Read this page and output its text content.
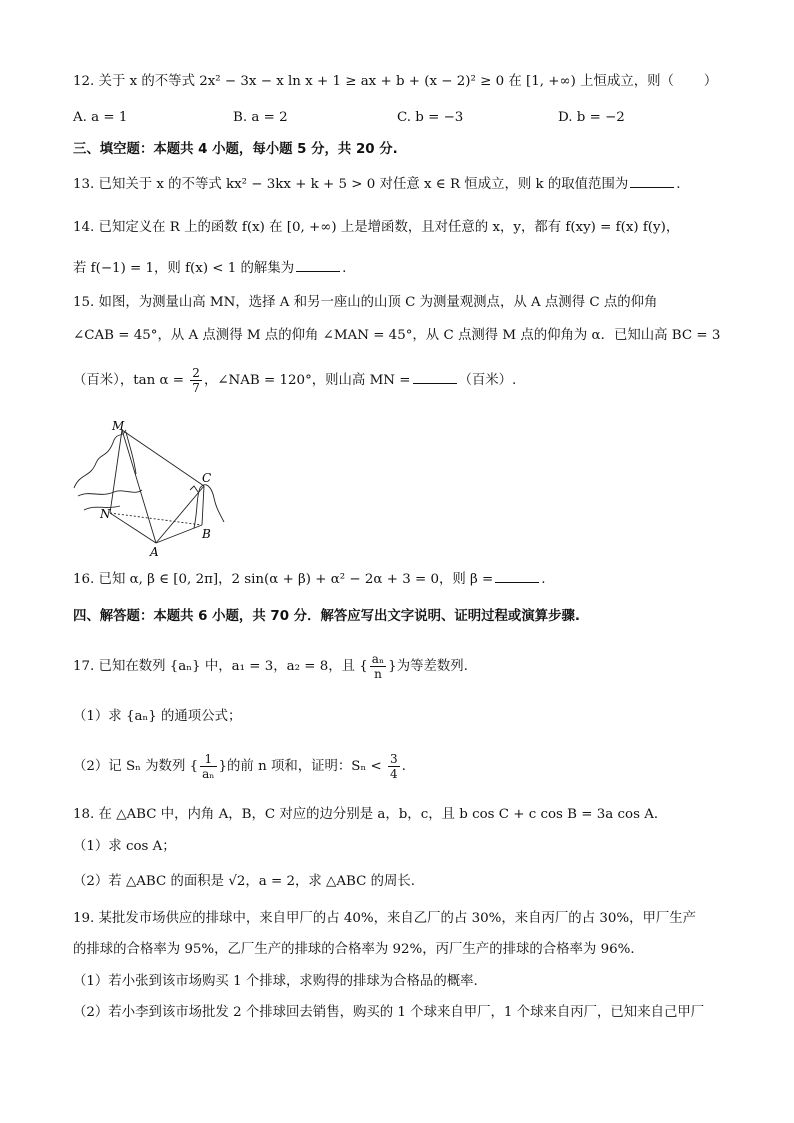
12. 关于 x 的不等式 2x² − 3x − x ln x + 1 ≥ ax + b + (x − 2)² ≥ 0 在 [1, +∞) 上恒成立，则（ ）
A. a = 1	B. a = 2	C. b = −3	D. b = −2
三、填空题：本题共 4 小题，每小题 5 分，共 20 分.
13. 已知关于 x 的不等式 kx² − 3kx + k + 5 > 0 对任意 x ∈ R 恒成立，则 k 的取值范围为	.
14. 已知定义在 R 上的函数 f(x) 在 [0, +∞) 上是增函数，且对任意的 x，y，都有 f(xy) = f(x) f(y)，
若 f(−1) = 1，则 f(x) < 1 的解集为	.
15. 如图，为测量山高 MN，选择 A 和另一座山的山顶 C 为测量观测点，从 A 点测得 C 点的仰角
∠CAB = 45°，从 A 点测得 M 点的仰角 ∠MAN = 45°，从 C 点测得 M 点的仰角为 α．已知山高 BC = 3
（百米），$\tan \alpha = \frac{2}{7}$ ，∠NAB = 120°，则山高 MN =	（百米）.
M
N
A
B
C
16. 已知 α, β ∈ [0, 2π]，2 sin(α + β) + α² − 2α + 3 = 0，则 β =	.
四、解答题：本题共 6 小题，共 70 分．解答应写出文字说明、证明过程或演算步骤.
17. 已知在数列 {aₙ} 中，a₁ = 3，a₂ = 8，且 { $\frac{\text{aₙ}}{n}$ }为等差数列.
（1）求 {aₙ} 的通项公式；
（2）记 Sₙ 为数列 { $\frac{1}{\text{aₙ}}$ }的前 n 项和，证明：$S_n < \frac{3}{4}$ .
18. 在 △ABC 中，内角 A，B，C 对应的边分别是 a，b，c，且 b cos C + c cos B = 3a cos A．
（1）求 cos A；
（2）若 △ABC 的面积是 √2，a = 2，求 △ABC 的周长.
19. 某批发市场供应的排球中，来自甲厂的占 40%，来自乙厂的占 30%，来自丙厂的占 30%，甲厂生产
的排球的合格率为 95%，乙厂生产的排球的合格率为 92%，丙厂生产的排球的合格率为 96%．
（1）若小张到该市场购买 1 个排球，求购得的排球为合格品的概率.
（2）若小李到该市场批发 2 个排球回去销售，购买的 1 个球来自甲厂，1 个球来自丙厂，已知来自己甲厂
